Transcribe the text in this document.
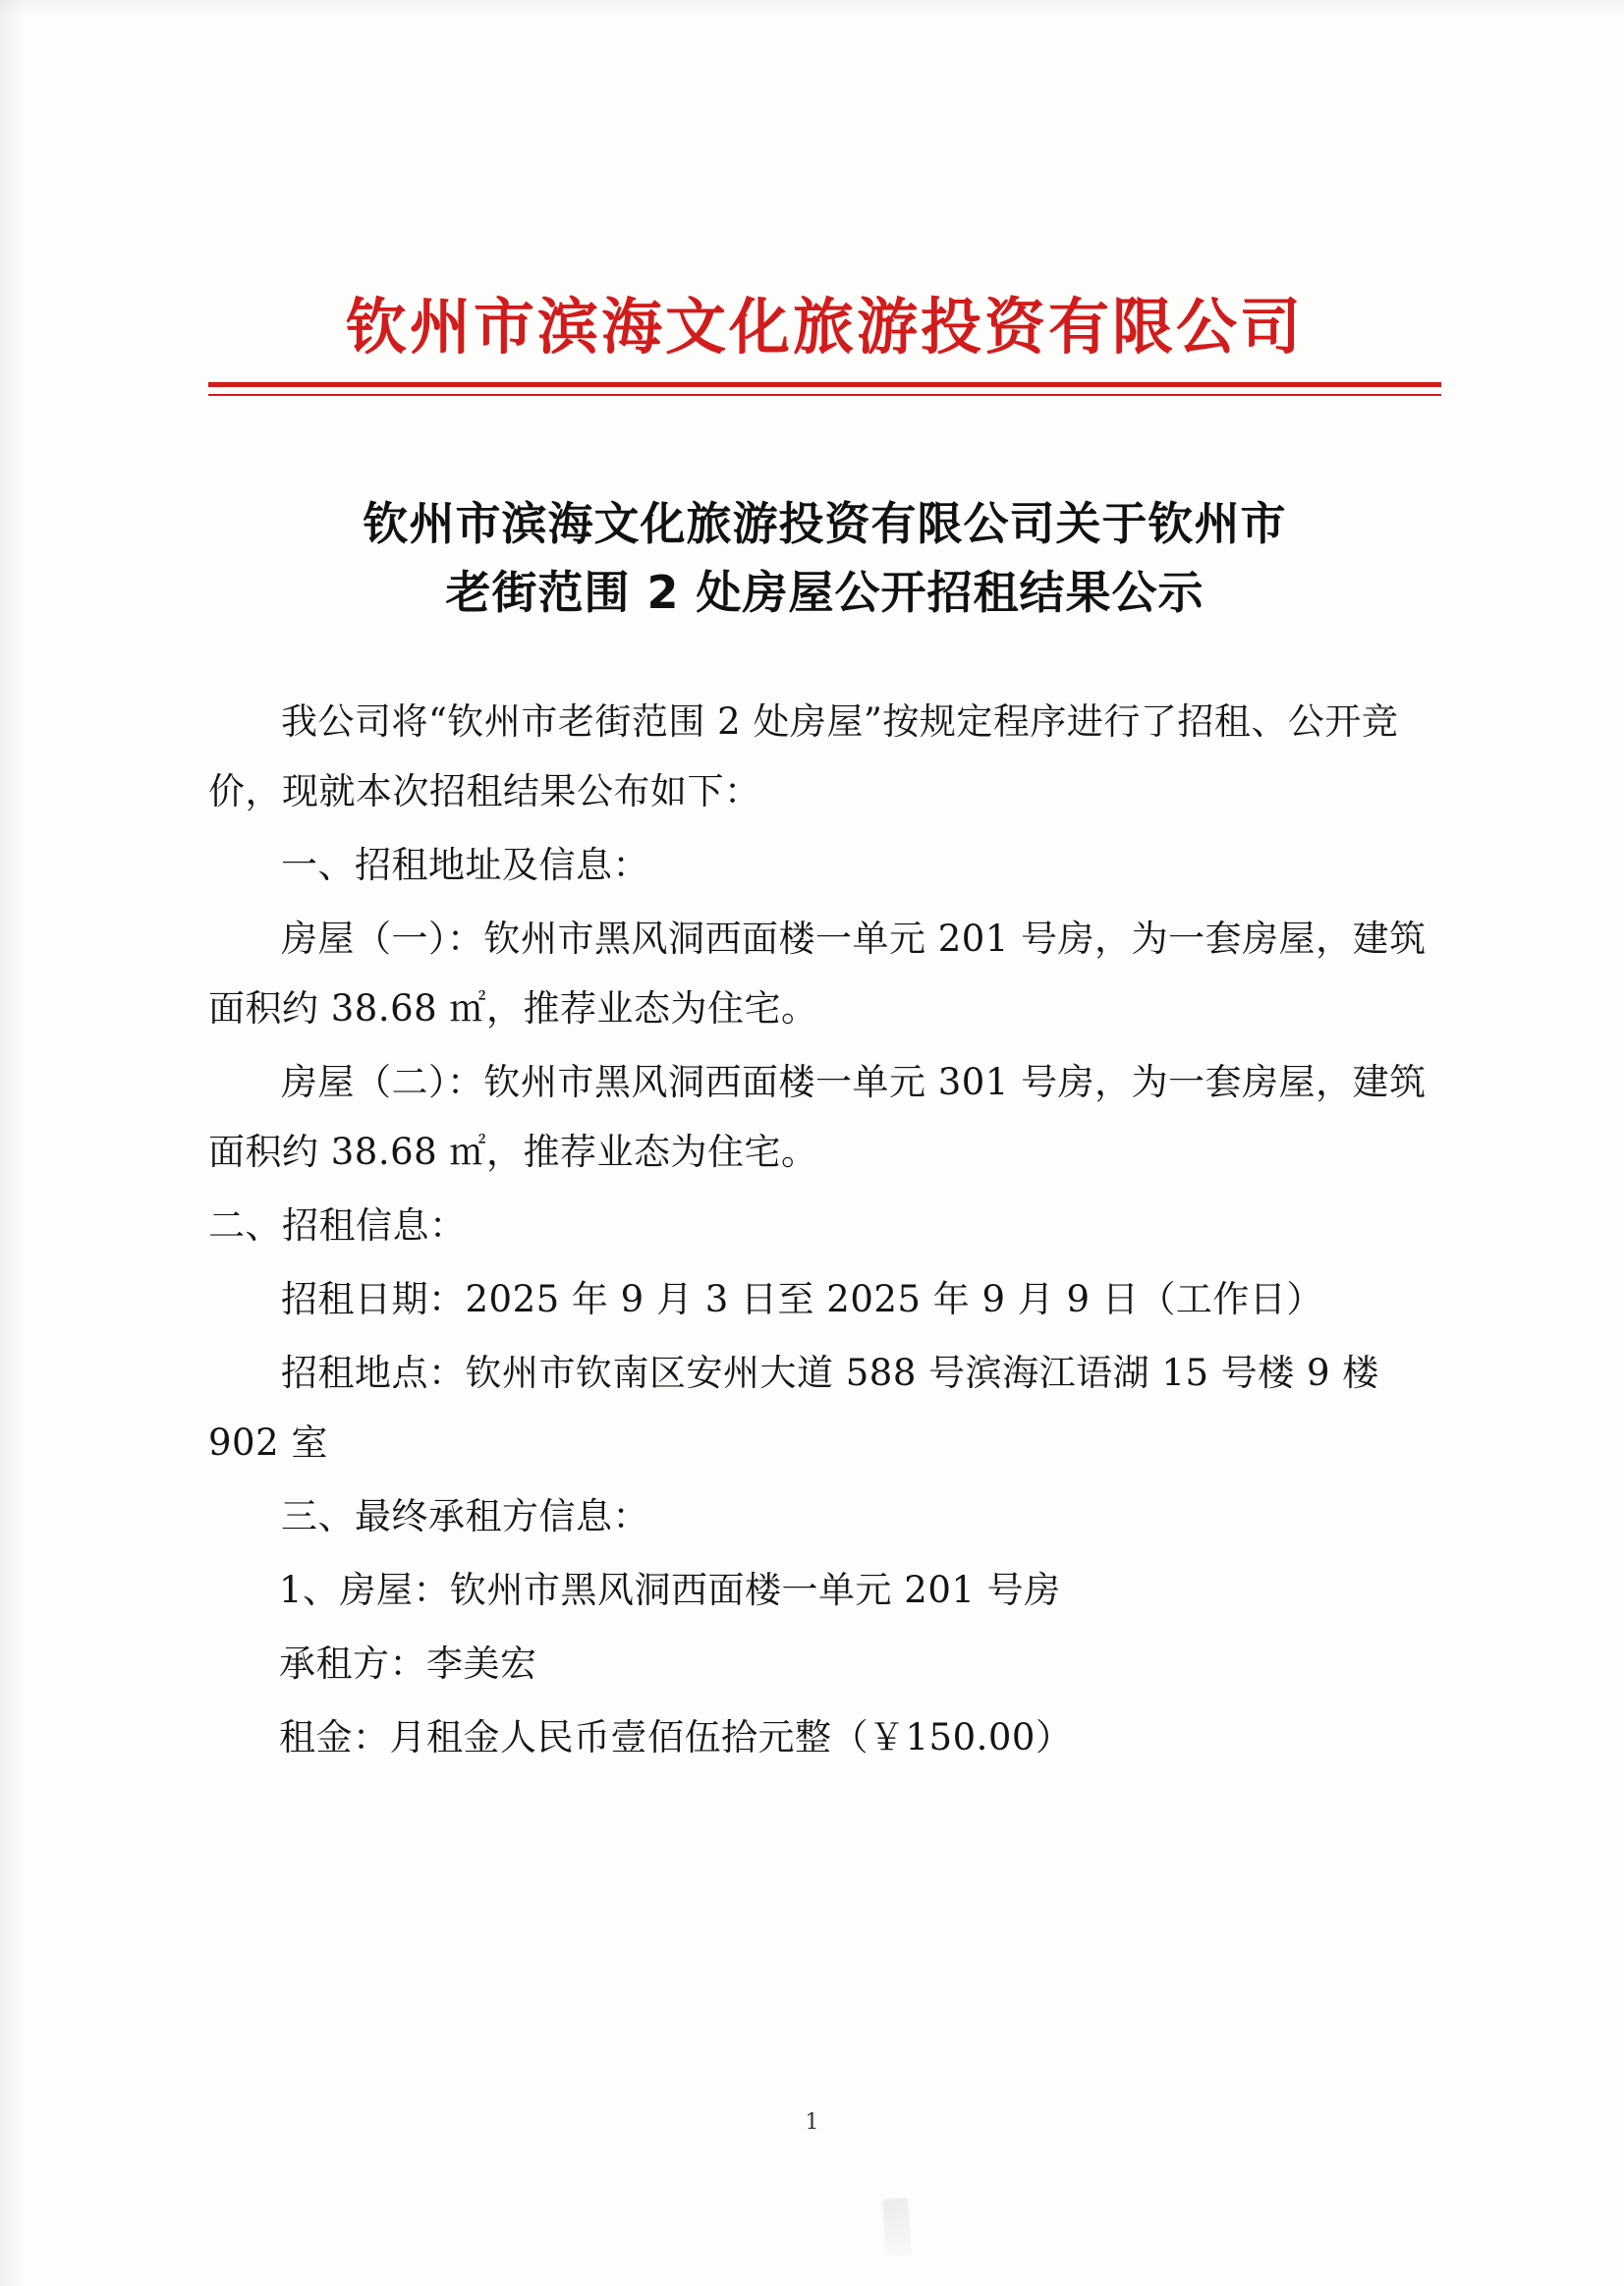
钦州市滨海文化旅游投资有限公司
钦州市滨海文化旅游投资有限公司关于钦州市
老街范围 2 处房屋公开招租结果公示

我公司将“钦州市老街范围 2 处房屋”按规定程序进行了招租、公开竞价，现就本次招租结果公布如下：

一、招租地址及信息：

房屋（一）：钦州市黑风洞西面楼一单元 201 号房，为一套房屋，建筑面积约 38.68 ㎡，推荐业态为住宅。

房屋（二）：钦州市黑风洞西面楼一单元 301 号房，为一套房屋，建筑面积约 38.68 ㎡，推荐业态为住宅。

二、招租信息：

招租日期：2025 年 9 月 3 日至 2025 年 9 月 9 日（工作日）

招租地点：钦州市钦南区安州大道 588 号滨海江语湖 15 号楼 9 楼 902 室

三、最终承租方信息：

1、房屋：钦州市黑风洞西面楼一单元 201 号房

承租方：李美宏

租金：月租金人民币壹佰伍拾元整（￥150.00）

1
